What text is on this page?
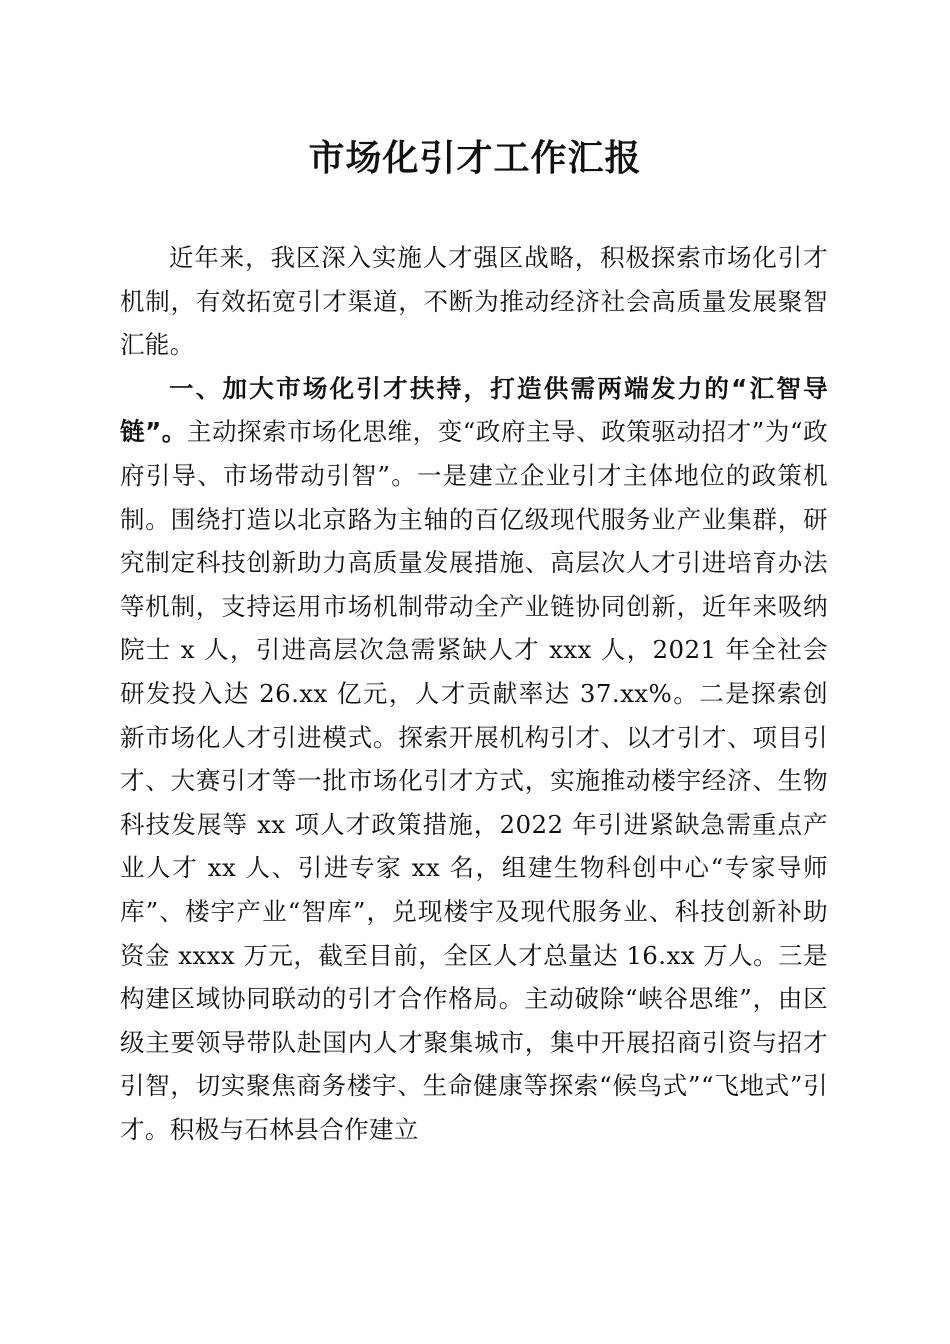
市场化引才工作汇报

近年来，我区深入实施人才强区战略，积极探索市场化引才机制，有效拓宽引才渠道，不断为推动经济社会高质量发展聚智汇能。

一、加大市场化引才扶持，打造供需两端发力的“汇智导链”。主动探索市场化思维，变“政府主导、政策驱动招才”为“政府引导、市场带动引智”。一是建立企业引才主体地位的政策机制。围绕打造以北京路为主轴的百亿级现代服务业产业集群，研究制定科技创新助力高质量发展措施、高层次人才引进培育办法等机制，支持运用市场机制带动全产业链协同创新，近年来吸纳院士 x 人，引进高层次急需紧缺人才 xxx 人，2021 年全社会研发投入达 26.xx 亿元，人才贡献率达 37.xx%。二是探索创新市场化人才引进模式。探索开展机构引才、以才引才、项目引才、大赛引才等一批市场化引才方式，实施推动楼宇经济、生物科技发展等 xx 项人才政策措施，2022 年引进紧缺急需重点产业人才 xx 人、引进专家 xx 名，组建生物科创中心“专家导师库”、楼宇产业“智库”，兑现楼宇及现代服务业、科技创新补助资金 xxxx 万元，截至目前，全区人才总量达 16.xx 万人。三是构建区域协同联动的引才合作格局。主动破除“峡谷思维”，由区级主要领导带队赴国内人才聚集城市，集中开展招商引资与招才引智，切实聚焦商务楼宇、生命健康等探索“候鸟式”“飞地式”引才。积极与石林县合作建立
